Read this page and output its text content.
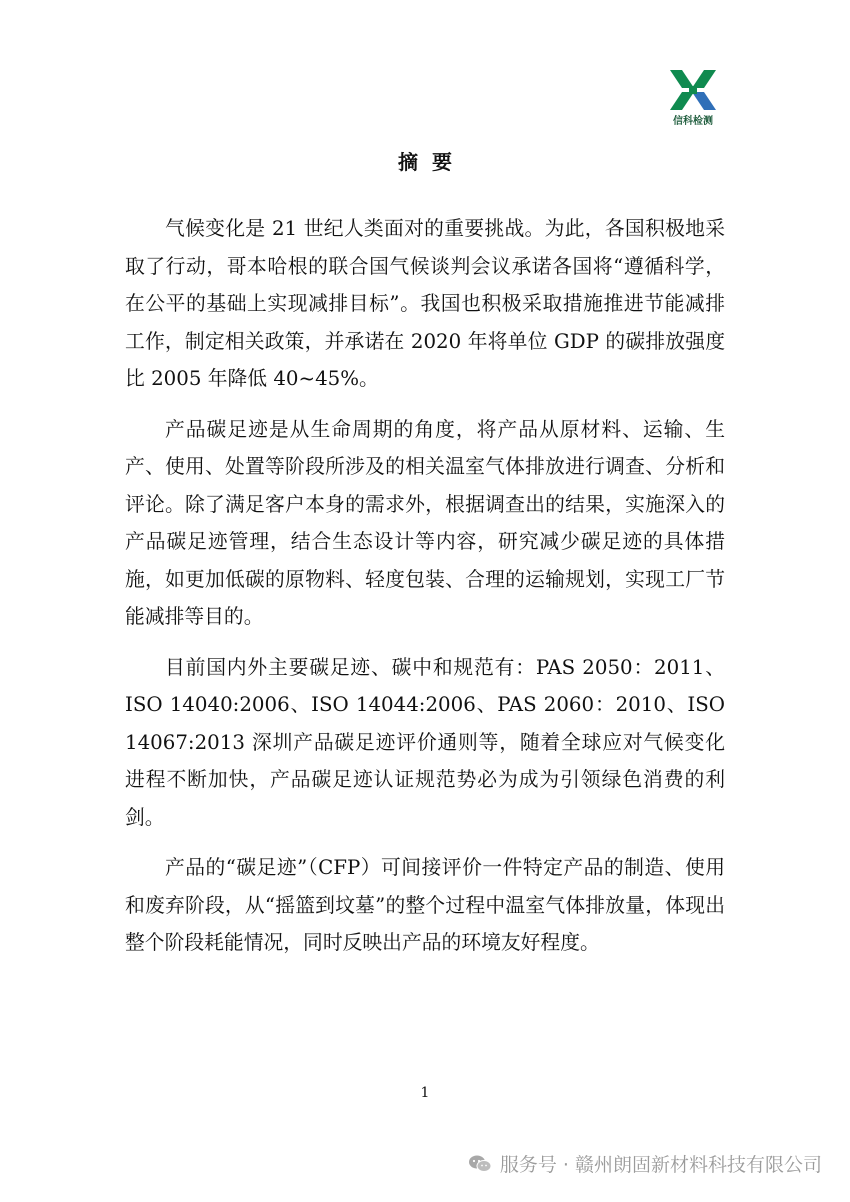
信科检测
摘要

气候变化是 21 世纪人类面对的重要挑战。为此，各国积极地采取了行动，哥本哈根的联合国气候谈判会议承诺各国将“遵循科学，在公平的基础上实现减排目标”。我国也积极采取措施推进节能减排工作，制定相关政策，并承诺在 2020 年将单位 GDP 的碳排放强度比 2005 年降低 40~45%。

产品碳足迹是从生命周期的角度，将产品从原材料、运输、生产、使用、处置等阶段所涉及的相关温室气体排放进行调查、分析和评论。除了满足客户本身的需求外，根据调查出的结果，实施深入的产品碳足迹管理，结合生态设计等内容，研究减少碳足迹的具体措施，如更加低碳的原物料、轻度包装、合理的运输规划，实现工厂节能减排等目的。

目前国内外主要碳足迹、碳中和规范有：PAS 2050：2011、ISO 14040:2006、ISO 14044:2006、PAS 2060：2010、ISO 14067:2013 深圳产品碳足迹评价通则等，随着全球应对气候变化进程不断加快，产品碳足迹认证规范势必为成为引领绿色消费的利剑。

产品的“碳足迹”（CFP）可间接评价一件特定产品的制造、使用和废弃阶段，从“摇篮到坟墓”的整个过程中温室气体排放量，体现出整个阶段耗能情况，同时反映出产品的环境友好程度。

1
服务号 · 赣州朗固新材料科技有限公司
